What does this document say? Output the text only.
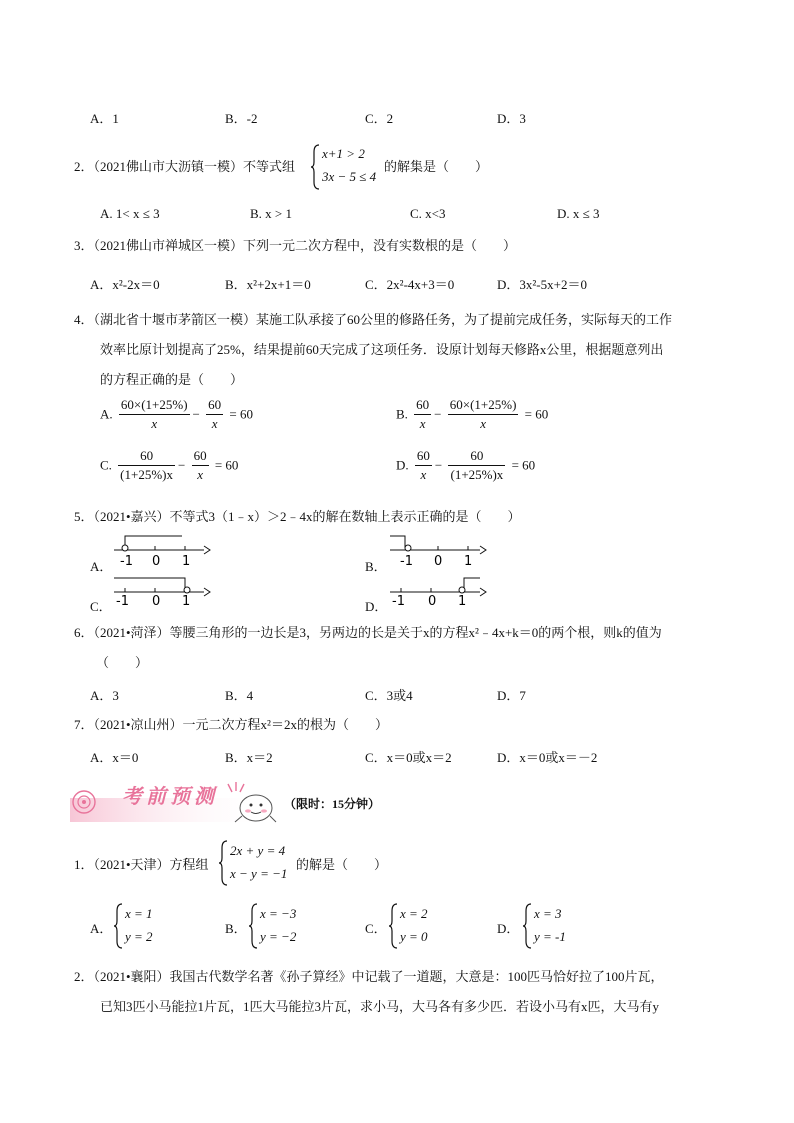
A．1	B．-2	C．2	D．3
2．（2021佛山市大沥镇一模）不等式组
x+1 > 2
3x − 5 ≤ 4
的解集是（　　）
A. 1< x ≤ 3	B. x > 1	C. x<3	D. x ≤ 3
3．（2021佛山市禅城区一模）下列一元二次方程中，没有实数根的是（　　）
A．x²-2x＝0	B．x²+2x+1＝0	C．2x²-4x+3＝0	D．3x²-5x+2＝0
4．（湖北省十堰市茅箭区一模）某施工队承接了60公里的修路任务，为了提前完成任务，实际每天的工作
效率比原计划提高了25%，结果提前60天完成了这项任务．设原计划每天修路x公里，根据题意列出
的方程正确的是（　　）
A. $\frac{60\times(1+25\%)}{x} - \frac{60}{x} = 60$	B. $\frac{60}{x} - \frac{60\times(1+25\%)}{x} = 60$
C. $\frac{60}{(1+25\%)x} - \frac{60}{x} = 60$	D. $\frac{60}{x} - \frac{60}{(1+25\%)x} = 60$
5．（2021•嘉兴）不等式3（1﹣x）＞2﹣4x的解在数轴上表示正确的是（　　）
A． -1 0 1	B． -1 0 1
C． -1 0 1	D． -1 0 1
6．（2021•菏泽）等腰三角形的一边长是3，另两边的长是关于x的方程x²﹣4x+k＝0的两个根，则k的值为
（　　）
A．3	B．4	C．3或4	D．7
7．（2021•凉山州）一元二次方程x²＝2x的根为（　　）
A．x＝0	B．x＝2	C．x＝0或x＝2	D．x＝0或x＝－2
考前预测	（限时：15分钟）
1．（2021•天津）方程组
2x + y = 4
x − y = −1
的解是（　　）
A．
x = 1
y = 2
B．
x = −3
y = −2
C．
x = 2
y = 0
D．
x = 3
y = -1
2．（2021•襄阳）我国古代数学名著《孙子算经》中记载了一道题，大意是：100匹马恰好拉了100片瓦，
已知3匹小马能拉1片瓦，1匹大马能拉3片瓦，求小马，大马各有多少匹．若设小马有x匹，大马有y
